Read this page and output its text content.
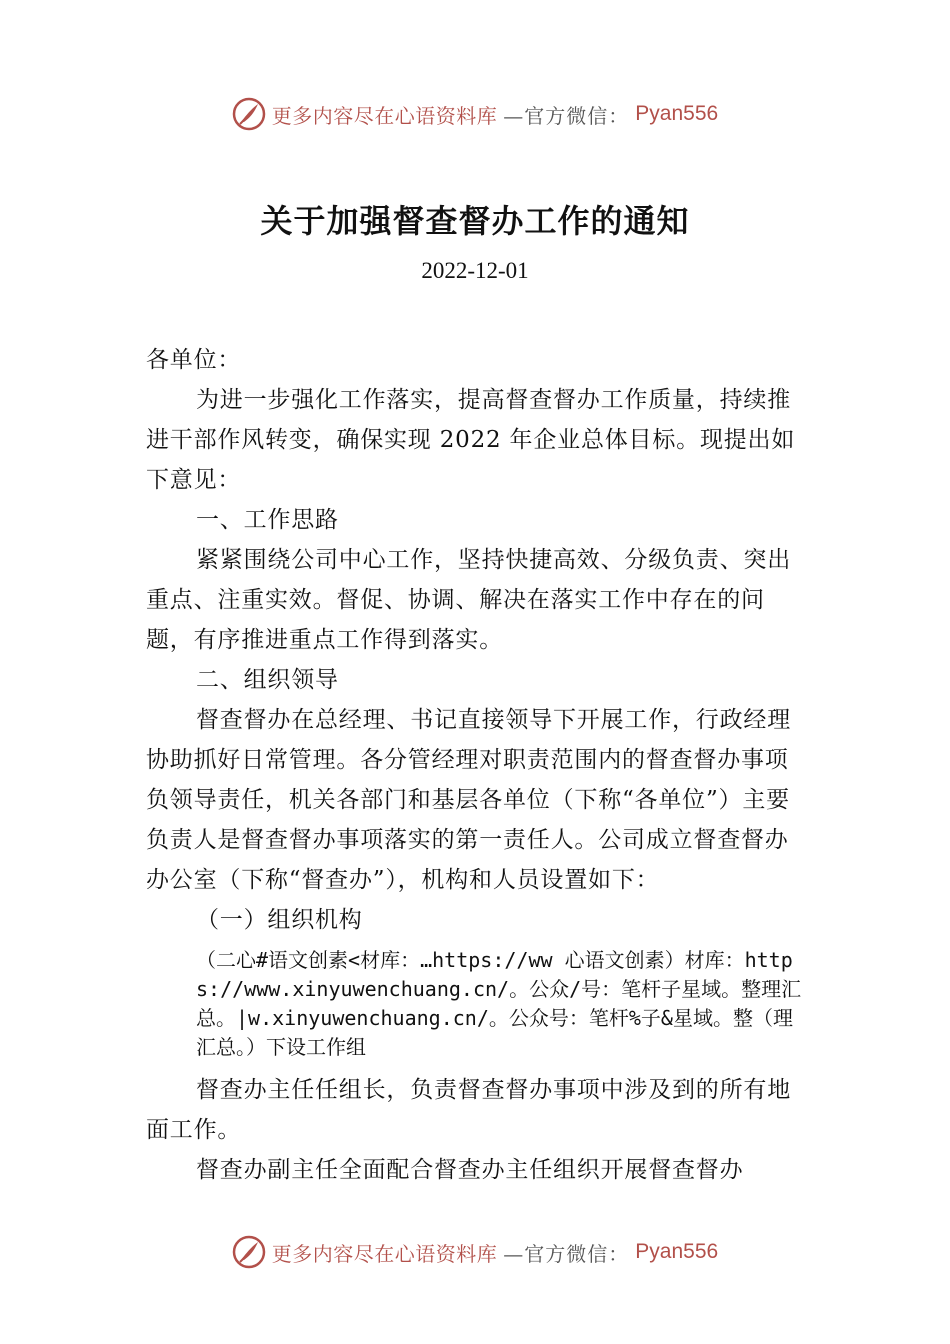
更多内容尽在心语资料库 —官方微信： Pyan556
关于加强督查督办工作的通知
2022-12-01

各单位：

为进一步强化工作落实，提高督查督办工作质量，持续推进干部作风转变，确保实现 2022 年企业总体目标。现提出如下意见：

一、工作思路

紧紧围绕公司中心工作，坚持快捷高效、分级负责、突出重点、注重实效。督促、协调、解决在落实工作中存在的问题，有序推进重点工作得到落实。

二、组织领导

督查督办在总经理、书记直接领导下开展工作，行政经理协助抓好日常管理。各分管经理对职责范围内的督查督办事项负领导责任，机关各部门和基层各单位（下称“各单位”）主要负责人是督查督办事项落实的第一责任人。公司成立督查督办办公室（下称“督查办”），机构和人员设置如下：

（一）组织机构

（二心#语文创素<材库：…https://ww 心语文创素）材库：https://www.xinyuwenchuang.cn/。公众/号：笔杆子星域。整理汇总。|w.xinyuwenchuang.cn/。公众号：笔杆%子&星域。整（理汇总。）下设工作组

督查办主任任组长，负责督查督办事项中涉及到的所有地面工作。

督查办副主任全面配合督查办主任组织开展督查督办

更多内容尽在心语资料库 —官方微信： Pyan556
